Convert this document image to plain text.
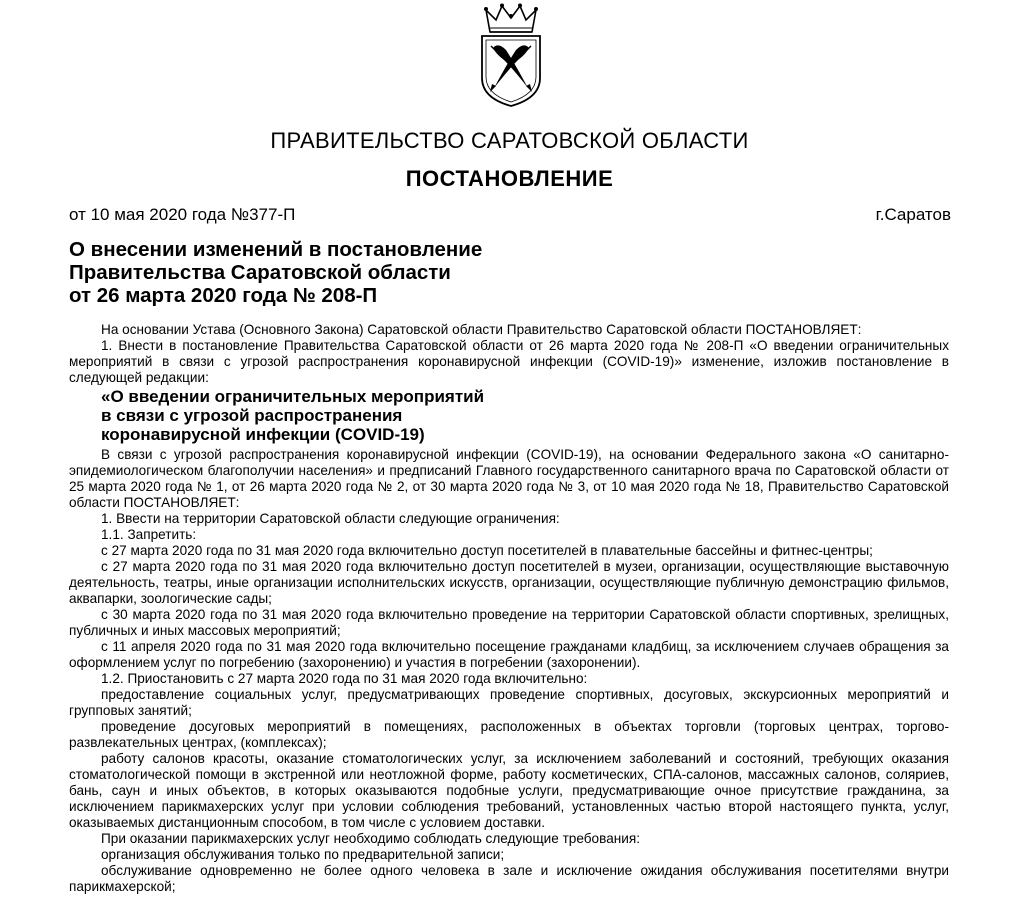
ПРАВИТЕЛЬСТВО САРАТОВСКОЙ ОБЛАСТИ
ПОСТАНОВЛЕНИЕ
от 10 мая 2020 года №377-П	г.Саратов
О внесении изменений в постановление
Правительства Саратовской области
от 26 марта 2020 года № 208-П

На основании Устава (Основного Закона) Саратовской области Правительство Саратовской области ПОСТАНОВЛЯЕТ:

1. Внести в постановление Правительства Саратовской области от 26 марта 2020 года № 208-П «О введении ограничительных мероприятий в связи с угрозой распространения коронавирусной инфекции (COVID-19)» изменение, изложив постановление в следующей редакции:

«О введении ограничительных мероприятий
в связи с угрозой распространения
коронавирусной инфекции (COVID-19)

В связи с угрозой распространения коронавирусной инфекции (COVID-19), на основании Федерального закона «О санитарно-эпидемиологическом благополучии населения» и предписаний Главного государственного санитарного врача по Саратовской области от 25 марта 2020 года № 1, от 26 марта 2020 года № 2, от 30 марта 2020 года № 3, от 10 мая 2020 года № 18, Правительство Саратовской области ПОСТАНОВЛЯЕТ:

1. Ввести на территории Саратовской области следующие ограничения:

1.1. Запретить:

с 27 марта 2020 года по 31 мая 2020 года включительно доступ посетителей в плавательные бассейны и фитнес-центры;

с 27 марта 2020 года по 31 мая 2020 года включительно доступ посетителей в музеи, организации, осуществляющие выставочную деятельность, театры, иные организации исполнительских искусств, организации, осуществляющие публичную демонстрацию фильмов, аквапарки, зоологические сады;

с 30 марта 2020 года по 31 мая 2020 года включительно проведение на территории Саратовской области спортивных, зрелищных, публичных и иных массовых мероприятий;

с 11 апреля 2020 года по 31 мая 2020 года включительно посещение гражданами кладбищ, за исключением случаев обращения за оформлением услуг по погребению (захоронению) и участия в погребении (захоронении).

1.2. Приостановить с 27 марта 2020 года по 31 мая 2020 года включительно:

предоставление социальных услуг, предусматривающих проведение спортивных, досуговых, экскурсионных мероприятий и групповых занятий;

проведение досуговых мероприятий в помещениях, расположенных в объектах торговли (торговых центрах, торгово-развлекательных центрах, (комплексах);

работу салонов красоты, оказание стоматологических услуг, за исключением заболеваний и состояний, требующих оказания стоматологической помощи в экстренной или неотложной форме, работу косметических, СПА-салонов, массажных салонов, соляриев, бань, саун и иных объектов, в которых оказываются подобные услуги, предусматривающие очное присутствие гражданина, за исключением парикмахерских услуг при условии соблюдения требований, установленных частью второй настоящего пункта, услуг, оказываемых дистанционным способом, в том числе с условием доставки.

При оказании парикмахерских услуг необходимо соблюдать следующие требования:

организация обслуживания только по предварительной записи;

обслуживание одновременно не более одного человека в зале и исключение ожидания обслуживания посетителями внутри парикмахерской;
